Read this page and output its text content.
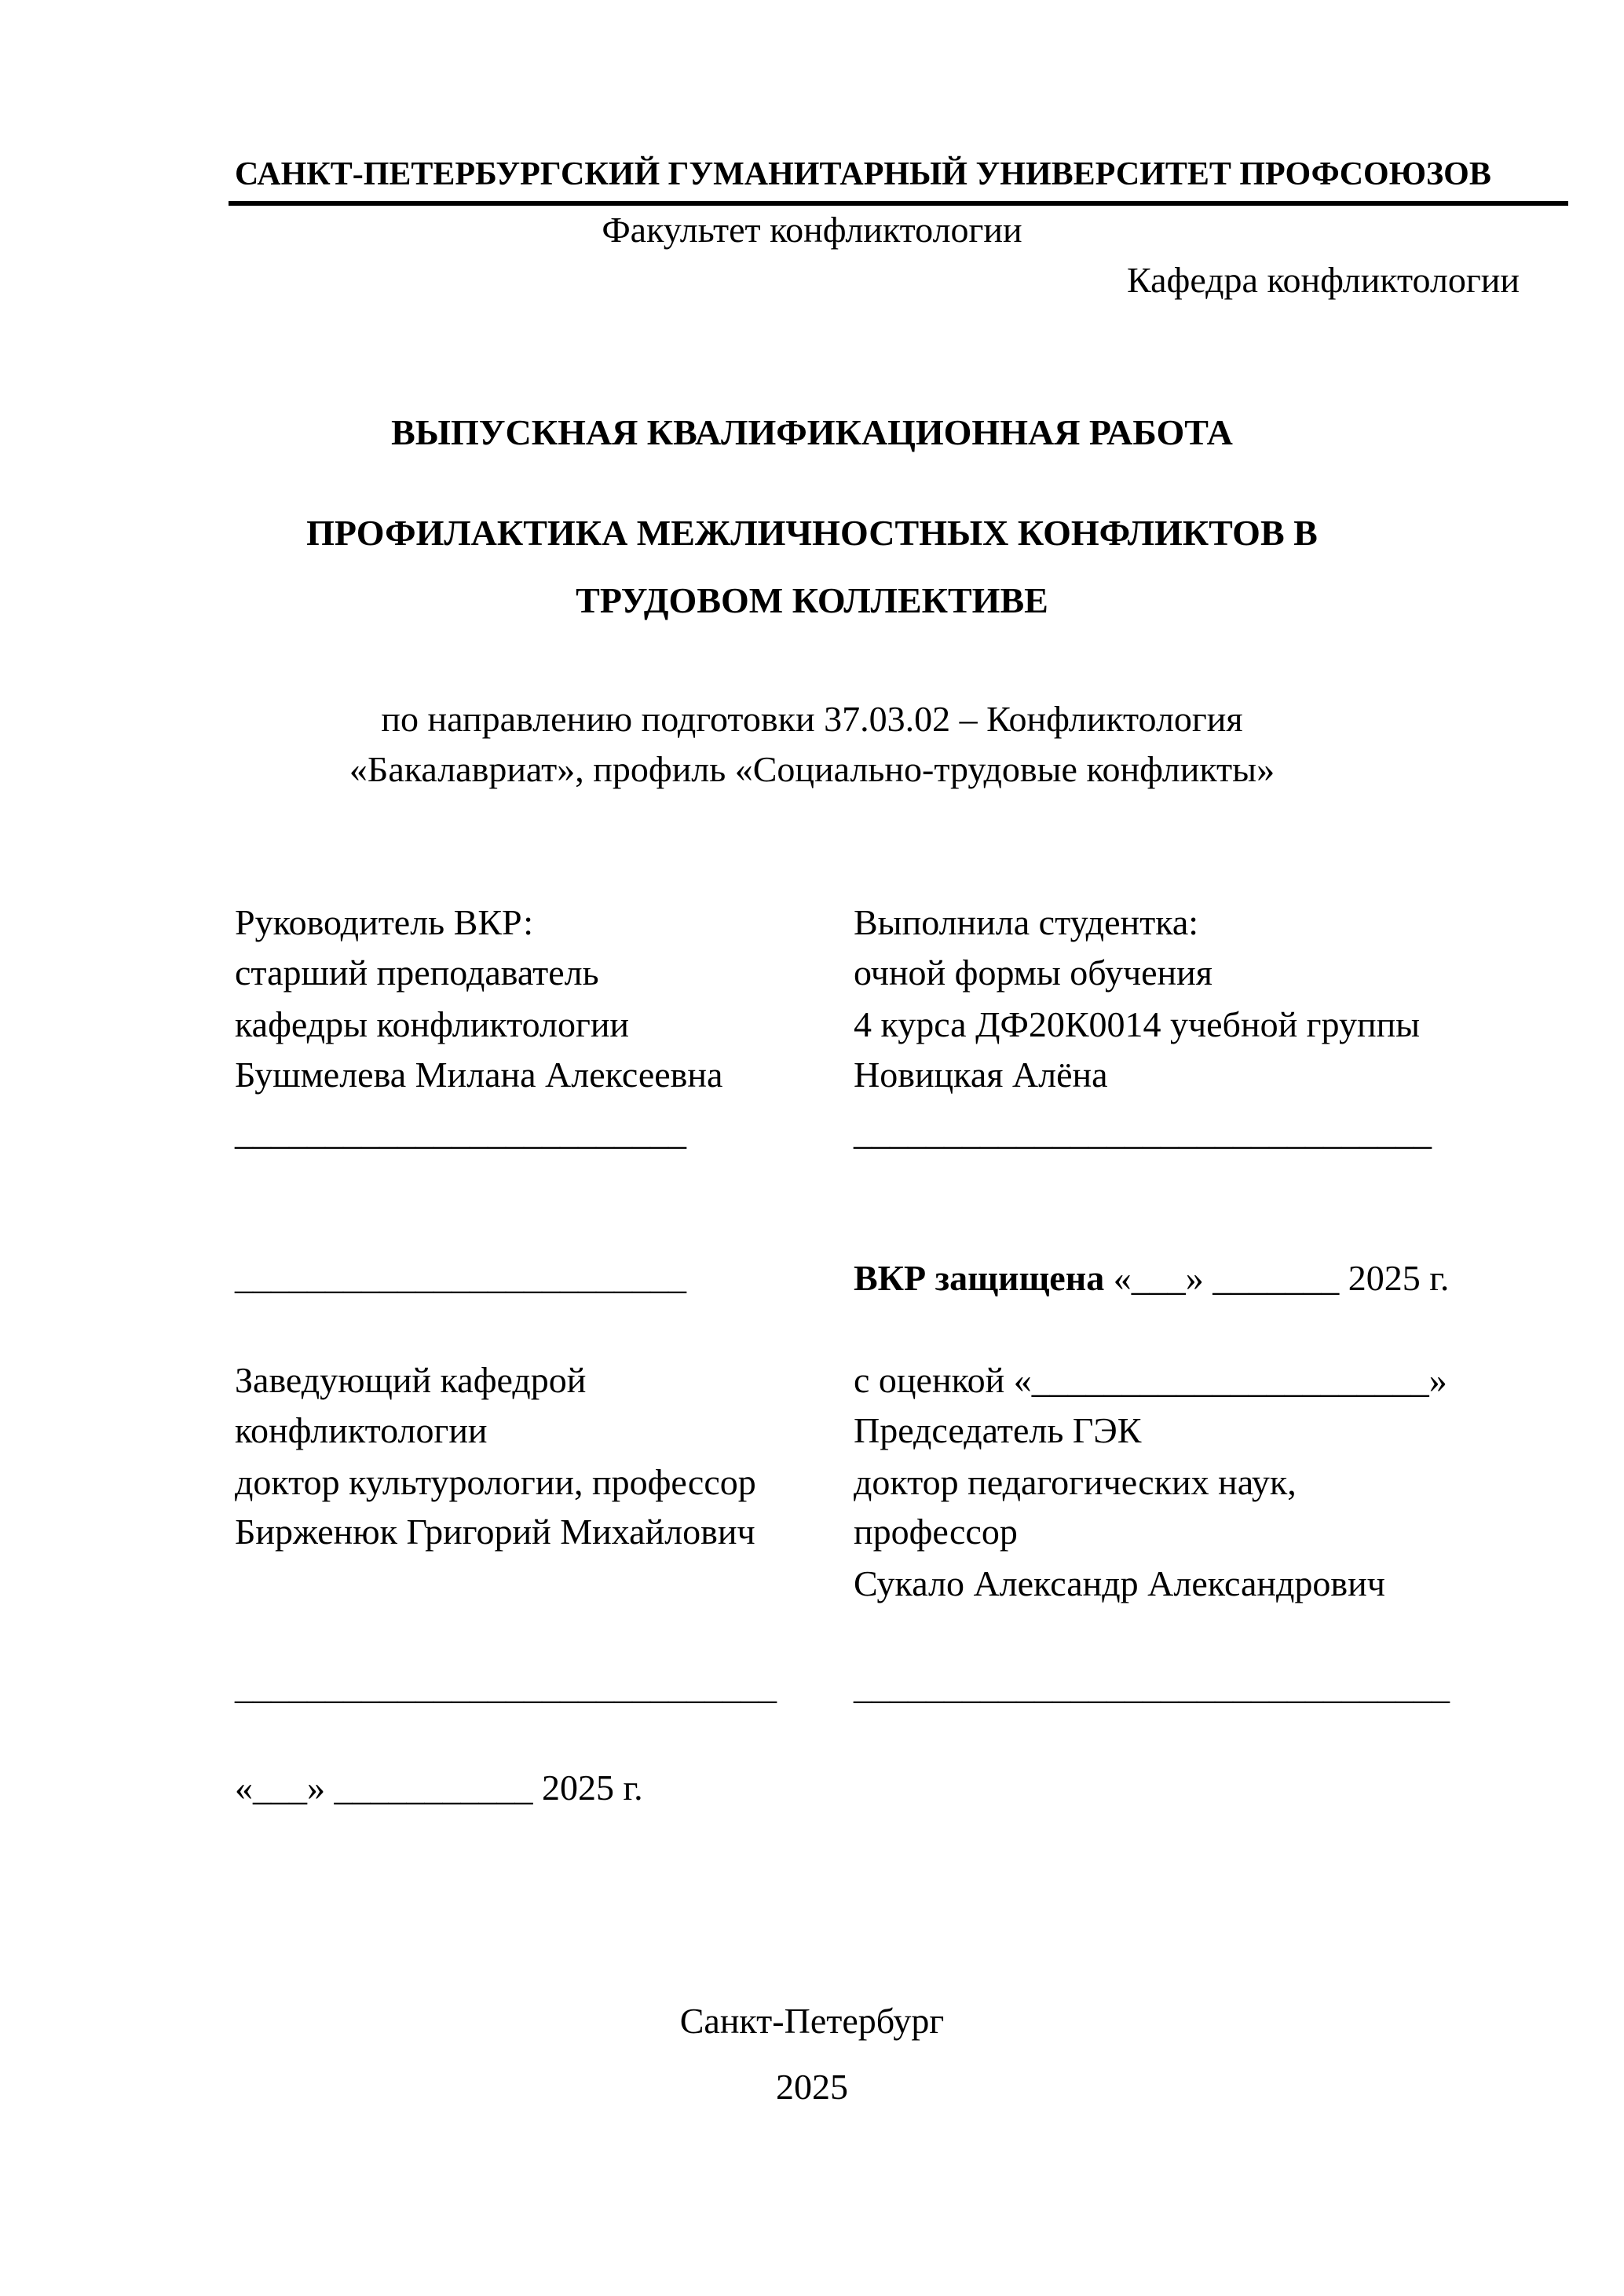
САНКТ-ПЕТЕРБУРГСКИЙ ГУМАНИТАРНЫЙ УНИВЕРСИТЕТ ПРОФСОЮЗОВ
Факультет конфликтологии
Кафедра конфликтологии
ВЫПУСКНАЯ КВАЛИФИКАЦИОННАЯ РАБОТА
ПРОФИЛАКТИКА МЕЖЛИЧНОСТНЫХ КОНФЛИКТОВ В
ТРУДОВОМ КОЛЛЕКТИВЕ
по направлению подготовки 37.03.02 – Конфликтология
«Бакалавриат», профиль «Социально-трудовые конфликты»
Руководитель ВКР:
старший преподаватель
кафедры конфликтологии
Бушмелева Милана Алексеевна
_________________________
Выполнила студентка:
очной формы обучения
4 курса ДФ20К0014 учебной группы
Новицкая Алёна
________________________________
_________________________	ВКР защищена «___» _______ 2025 г.
Заведующий кафедрой
конфликтологии
доктор культурологии, профессор
Бирженюк Григорий Михайлович
с оценкой «______________________»
Председатель ГЭК
доктор педагогических наук,
профессор
Сукало Александр Александрович
______________________________ _________________________________
«___» ___________ 2025 г.
Санкт-Петербург
2025
